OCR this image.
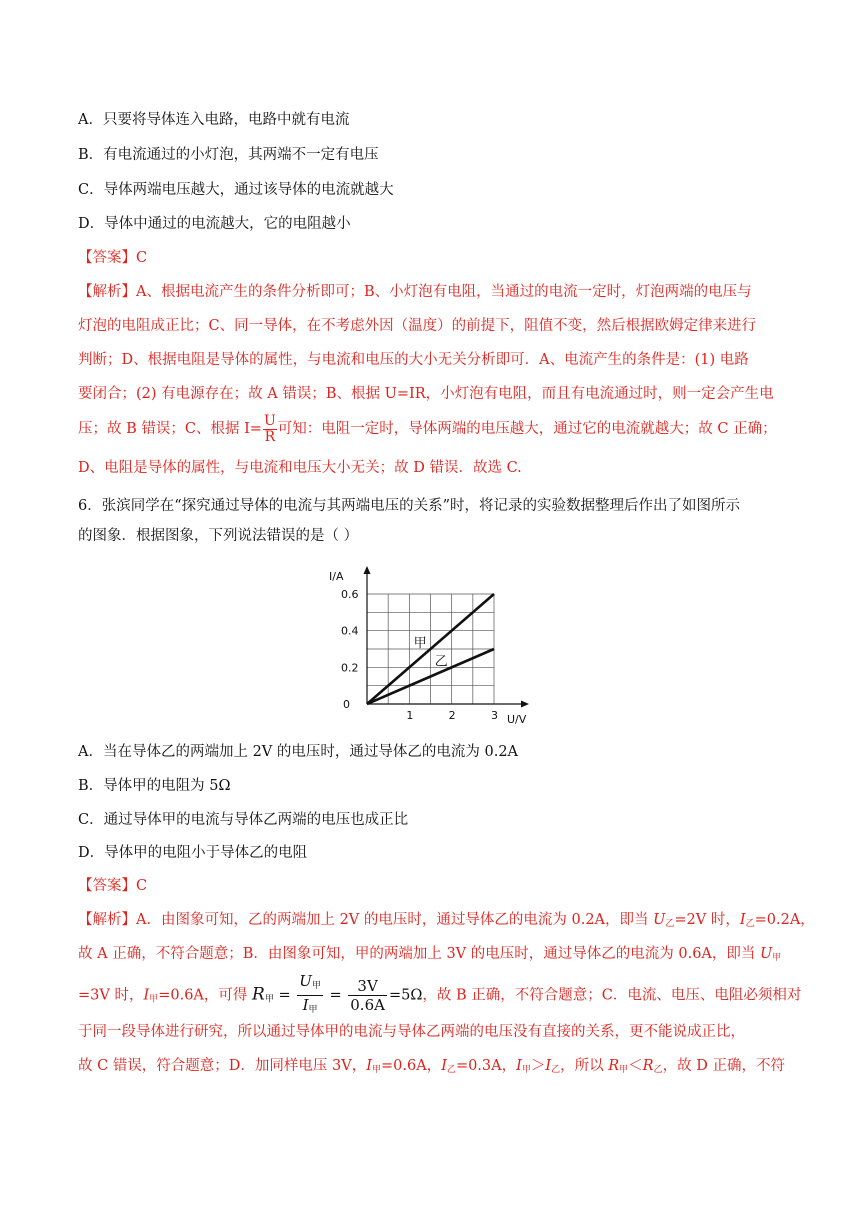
A．只要将导体连入电路，电路中就有电流
B．有电流通过的小灯泡，其两端不一定有电压
C．导体两端电压越大，通过该导体的电流就越大
D．导体中通过的电流越大，它的电阻越小
【答案】C
【解析】A、根据电流产生的条件分析即可；B、小灯泡有电阻，当通过的电流一定时，灯泡两端的电压与
灯泡的电阻成正比；C、同一导体，在不考虑外因（温度）的前提下，阻值不变，然后根据欧姆定律来进行
判断；D、根据电阻是导体的属性，与电流和电压的大小无关分析即可．A、电流产生的条件是：(1) 电路
要闭合；(2) 有电源存在；故 A 错误；B、根据 U=IR，小灯泡有电阻，而且有电流通过时，则一定会产生电
压；故 B 错误；C、根据 $I= \frac{U}{R}$ 可知：电阻一定时，导体两端的电压越大，通过它的电流就越大；故 C 正确；
D、电阻是导体的属性，与电流和电压大小无关；故 D 错误．故选 C.
6．张滨同学在“探究通过导体的电流与其两端电压的关系”时，将记录的实验数据整理后作出了如图所示
的图象．根据图象，下列说法错误的是（ ）
I/A
U/V
0
1	2	3
0.2
0.4
0.6
甲
乙
A．当在导体乙的两端加上 2V 的电压时，通过导体乙的电流为 0.2A
B．导体甲的电阻为 5Ω
C．通过导体甲的电流与导体乙两端的电压也成正比
D．导体甲的电阻小于导体乙的电阻
【答案】C
【解析】A．由图象可知，乙的两端加上 2V 的电压时，通过导体乙的电流为 0.2A，即当 $U_乙=2V$ 时，$I_乙=0.2A$，
故 A 正确，不符合题意；B．由图象可知，甲的两端加上 3V 的电压时，通过导体乙的电流为 0.6A，即当 $U_甲$
=3V 时，$I_甲=0.6A$，可得 $R_甲 = \frac{U_甲}{I_甲} = \frac{3V}{0.6A} =5\Omega$，故 B 正确，不符合题意；C．电流、电压、电阻必须相对
于同一段导体进行研究，所以通过导体甲的电流与导体乙两端的电压没有直接的关系，更不能说成正比，
故 C 错误，符合题意；D．加同样电压 3V，$I_甲=0.6A$，$I_乙=0.3A$，$I_甲>I_乙$，所以 $R_甲<R_乙$，故 D 正确，不符
